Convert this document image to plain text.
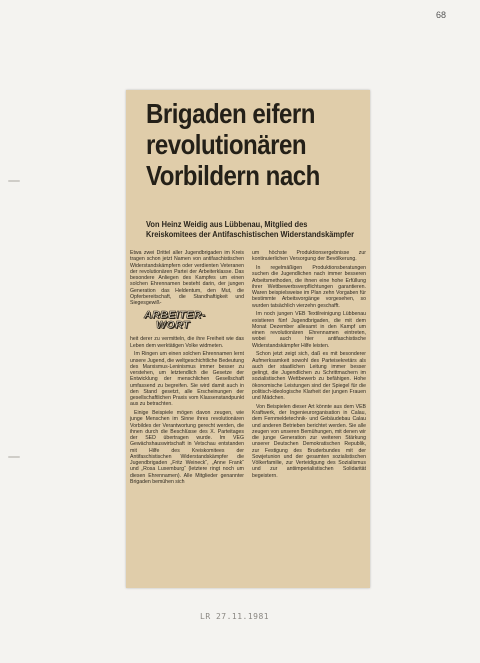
68
Brigaden eifern
revolutionären
Vorbildern nach
Von Heinz Weidig aus Lübbenau, Mitglied des Kreiskomitees der Antifaschistischen Widerstandskämpfer

Etwa zwei Drittel aller Jugendbrigaden im Kreis tragen schon jetzt Namen von antifaschistischen Widerstandskämpfern oder verdienten Veteranen der revolutionären Partei der Arbeiterklasse. Das besondere Anliegen des Kampfes um einen solchen Ehrennamen besteht darin, der jungen Generation das Heldentum, den Mut, die Opferbereitschaft, die Standhaftigkeit und Siegesgewiß-

ARBEITER-
WORT

heit derer zu vermitteln, die ihre Freiheit wie das Leben dem werktätigen Volke widmeten.

Im Ringen um einen solchen Ehrennamen lernt unsere Jugend, die weltgeschichtliche Bedeutung des Marxismus-Leninismus immer besser zu verstehen, um letztendlich die Gesetze der Entwicklung der menschlichen Gesellschaft umfassend zu begreifen. Sie wird damit auch in den Stand gesetzt, alle Erscheinungen der gesellschaftlichen Praxis vom Klassenstandpunkt aus zu betrachten.

Einige Beispiele mögen davon zeugen, wie junge Menschen im Sinne ihres revolutionären Vorbildes der Verantwortung gerecht werden, die ihnen durch die Beschlüsse des X. Parteitages der SED übertragen wurde. Im VEG Gewächshauswirtschaft in Vetschau entstanden mit Hilfe des Kreiskomitees der Antifaschistischen Widerstandskämpfer die Jugendbrigaden „Fritz Weineck“, „Anne Frank“ und „Rosa Luxemburg“ (letztere ringt noch um diesen Ehrennamen). Alle Mitglieder genannter Brigaden bemühen sich

um höchste Produktionsergebnisse zur kontinuierlichen Versorgung der Bevölkerung.

In regelmäßigen Produktionsberatungen suchen die Jugendlichen nach immer besseren Arbeitsmethoden, die ihnen eine hohe Erfüllung ihrer Wettbewerbsverpflichtungen garantieren. Waren beispielsweise im Plan zehn Vorgaben für bestimmte Arbeitsvorgänge vorgesehen, so wurden tatsächlich vierzehn geschafft.

Im noch jungen VEB Textilreinigung Lübbenau existieren fünf Jugendbrigaden, die mit dem Monat Dezember allesamt in den Kampf um einen revolutionären Ehrennamen eintreten, wobei auch hier antifaschistische Widerstandskämpfer Hilfe leisten.

Schon jetzt zeigt sich, daß es mit besonderer Aufmerksamkeit sowohl des Parteisekretärs als auch der staatlichen Leitung immer besser gelingt, die Jugendlichen zu Schrittmachern im sozialistischen Wettbewerb zu befähigen. Hohe ökonomische Leistungen sind der Spiegel für die politisch-ideologische Klarheit der jungen Frauen und Mädchen.

Von Beispielen dieser Art könnte aus dem VEB Kraftwerk, der Ingenieurorganisation in Calau, dem Fernmeldetechnik- und Gebäudebau Calau und anderen Betrieben berichtet werden. Sie alle zeugen von unseren Bemühungen, mit denen wir die junge Generation zur weiteren Stärkung unserer Deutschen Demokratischen Republik, zur Festigung des Bruderbundes mit der Sowjetunion und der gesamten sozialistischen Völkerfamilie, zur Verteidigung des Sozialismus und zur antiimperialistischen Solidarität begeistern.

LR 27.11.1981
